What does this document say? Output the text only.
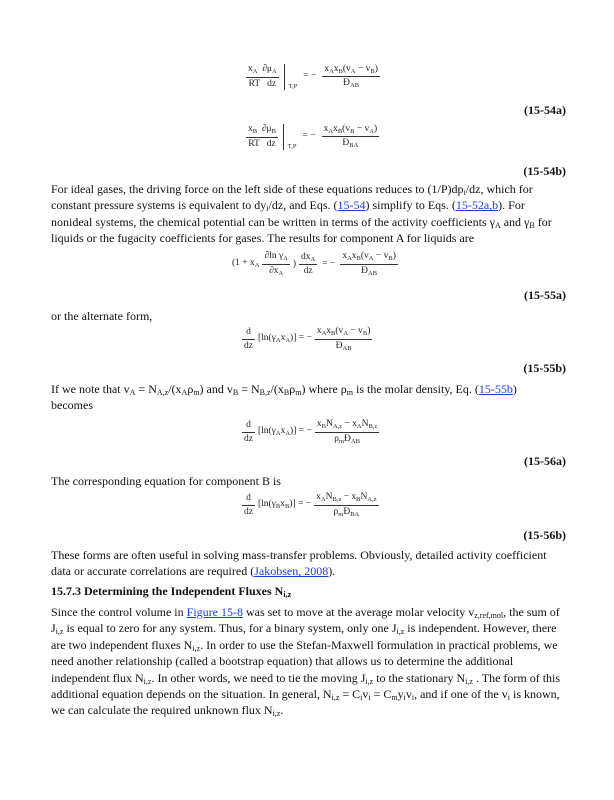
$\frac{x_A \partial\mu_A}{\text{RT   dz}} T,P$
= − $\frac{x_Ax_B(v_A - v_B)}{Đ_{AB}}$
(15-54a)
$\frac{x_B \partial\mu_B}{\text{RT   dz}} T,P$
= − $\frac{x_Ax_B(v_B - v_A)}{Đ_{BA}}$
(15-54b)
For ideal gases, the driving force on the left side of these equations reduces to $(1/P)dp_i/dz$, which for constant pressure systems is equivalent to $dy_i/dz$, and Eqs. (15-54) simplify to Eqs. (15-52a,b). For nonideal systems, the chemical potential can be written in terms of the activity coefficients $\gamma_A$ and $\gamma_B$ for liquids or the fugacity coefficients for gases. The results for component A for liquids are
($1 + x_A \frac{\partial\ln \gamma_A}{\partial x_A}$ ) $\frac{dx_A}{dz}$ = − $\frac{x_Ax_B(v_A - v_B)}{Đ_{AB}}$
(15-55a)
or the alternate form,
$\frac{d}{dz} [\ln(\gamma_Ax_A)]$ = − $\frac{x_Ax_B(v_A - v_B)}{Đ_{AB}}$
(15-55b)
If we note that $v_A = N_{A,z}/(x_A\rho_m)$ and $v_B = N_{B,z}/(x_B\rho_m)$ where $\rho_m$ is the molar density, Eq. (15-55b)
becomes
$\frac{d}{dz} [\ln(\gamma_Ax_A)]$ = − $\frac{x_BN_{A,z} - x_AN_{B,z}}{\rho_mĐ_{AB}}$
(15-56a)
The corresponding equation for component B is
$\frac{d}{dz} [\ln(\gamma_Bx_B)]$ = − $\frac{x_AN_{B,z} - x_BN_{A,z}}{\rho_mĐ_{BA}}$
(15-56b)
These forms are often useful in solving mass-transfer problems. Obviously, detailed activity coefficient data or accurate correlations are required (Jakobsen, 2008).
15.7.3 Determining the Independent Fluxes $N_{i,z}$
Since the control volume in Figure 15-8 was set to move at the average molar velocity $v_{z,ref,mol}$, the sum of $J_{i,z}$ is equal to zero for any system. Thus, for a binary system, only one $J_{i,z}$ is independent. However, there are two independent fluxes $N_{i,z}$. In order to use the Stefan-Maxwell formulation in practical problems, we need another relationship (called a bootstrap equation) that allows us to determine the additional independent flux $N_{i,z}$. In other words, we need to tie the moving $J_{i,z}$ to the stationary $N_{i,z}$ . The form of this additional equation depends on the situation. In general, $N_{i,z} = C_iv_i = C_my_iv_i$, and if one of the $v_i$ is known, we can calculate the required unknown flux $N_{i,z}$.
